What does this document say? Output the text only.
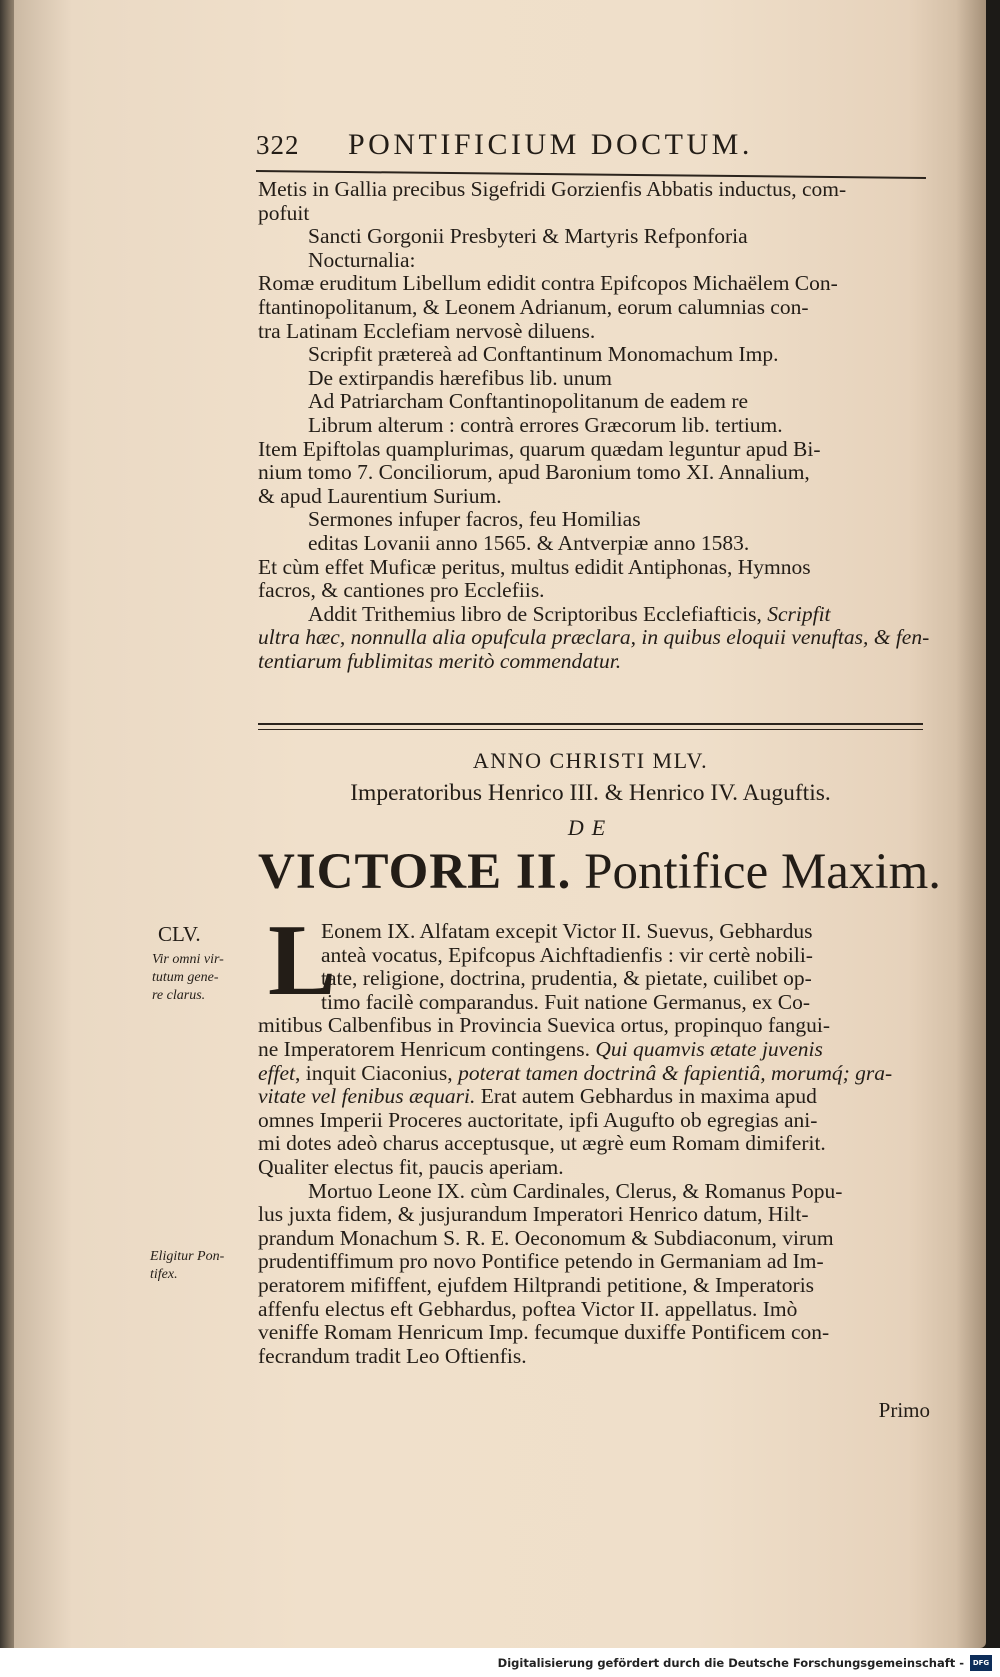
322	PONTIFICIUM DOCTUM.
Metis in Gallia precibus Sigefridi Gorzienfis Abbatis inductus, com-
pofuit
Sancti Gorgonii Presbyteri & Martyris Refponforia
Nocturnalia:
Romæ eruditum Libellum edidit contra Epifcopos Michaëlem Con-
ftantinopolitanum, & Leonem Adrianum, eorum calumnias con-
tra Latinam Ecclefiam nervosè diluens.
Scripfit prætereà ad Conftantinum Monomachum Imp.
De extirpandis hærefibus lib. unum
Ad Patriarcham Conftantinopolitanum de eadem re
Librum alterum : contrà errores Græcorum lib. tertium.
Item Epiftolas quamplurimas, quarum quædam leguntur apud Bi-
nium tomo 7. Conciliorum, apud Baronium tomo XI. Annalium,
& apud Laurentium Surium.
Sermones infuper facros, feu Homilias
editas Lovanii anno 1565. & Antverpiæ anno 1583.
Et cùm effet Muficæ peritus, multus edidit Antiphonas, Hymnos
facros, & cantiones pro Ecclefiis.
Addit Trithemius libro de Scriptoribus Ecclefiafticis, Scripfit
ultra hæc, nonnulla alia opufcula præclara, in quibus eloquii venuftas, & fen-
tentiarum fublimitas meritò commendatur.
ANNO CHRISTI MLV.
Imperatoribus Henrico III. & Henrico IV. Auguftis.
DE
VICTORE II. Pontifice Maxim.
CLV.
Vir omni vir-
tutum gene-
re clarus.
Eligitur Pon-
tifex.
L
Eonem IX. Alfatam excepit Victor II. Suevus, Gebhardus
anteà vocatus, Epifcopus Aichftadienfis : vir certè nobili-
tate, religione, doctrina, prudentia, & pietate, cuilibet op-
timo facilè comparandus. Fuit natione Germanus, ex Co-
mitibus Calbenfibus in Provincia Suevica ortus, propinquo fangui-
ne Imperatorem Henricum contingens. Qui quamvis ætate juvenis
effet, inquit Ciaconius, poterat tamen doctrinâ & fapientiâ, morumq́; gra-
vitate vel fenibus æquari. Erat autem Gebhardus in maxima apud
omnes Imperii Proceres auctoritate, ipfi Augufto ob egregias ani-
mi dotes adeò charus acceptusque, ut ægrè eum Romam dimiferit.
Qualiter electus fit, paucis aperiam.
Mortuo Leone IX. cùm Cardinales, Clerus, & Romanus Popu-
lus juxta fidem, & jusjurandum Imperatori Henrico datum, Hilt-
prandum Monachum S. R. E. Oeconomum & Subdiaconum, virum
prudentiffimum pro novo Pontifice petendo in Germaniam ad Im-
peratorem mififfent, ejufdem Hiltprandi petitione, & Imperatoris
affenfu electus eft Gebhardus, poftea Victor II. appellatus. Imò
veniffe Romam Henricum Imp. fecumque duxiffe Pontificem con-
fecrandum tradit Leo Oftienfis.
Primo
Digitalisierung gefördert durch die Deutsche Forschungsgemeinschaft -	DFG
